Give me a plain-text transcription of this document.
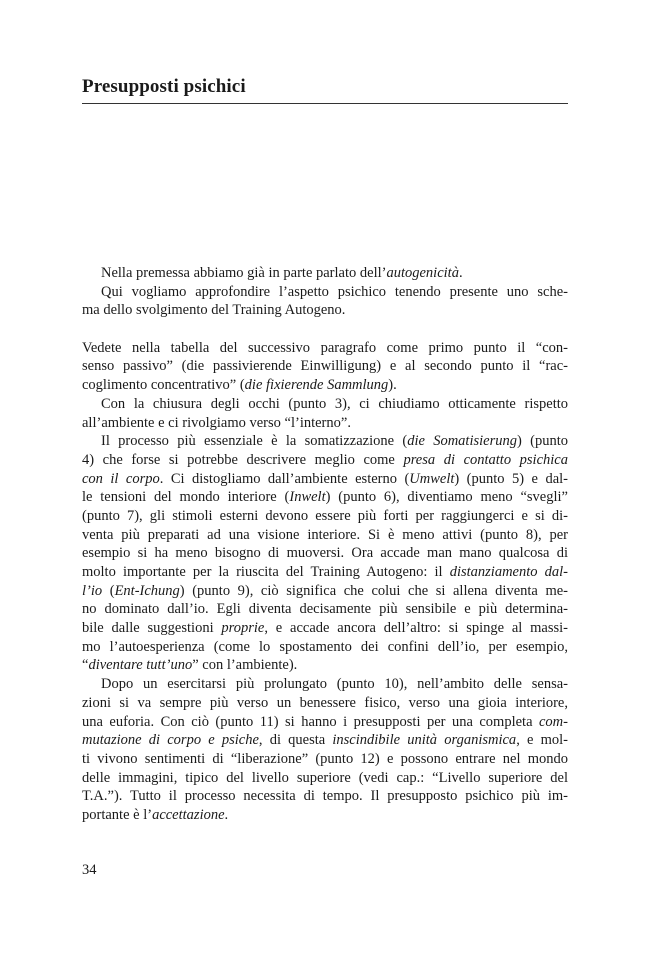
Presupposti psichici
Nella premessa abbiamo già in parte parlato dell’autogenicità.
Qui vogliamo approfondire l’aspetto psichico tenendo presente uno sche-
ma dello svolgimento del Training Autogeno.
Vedete nella tabella del successivo paragrafo come primo punto il “con-
senso passivo” (die passivierende Einwilligung) e al secondo punto il “rac-
coglimento concentrativo” (die fixierende Sammlung).
Con la chiusura degli occhi (punto 3), ci chiudiamo otticamente rispetto
all’ambiente e ci rivolgiamo verso “l’interno”.
Il processo più essenziale è la somatizzazione (die Somatisierung) (punto
4) che forse si potrebbe descrivere meglio come presa di contatto psichica
con il corpo. Ci distogliamo dall’ambiente esterno (Umwelt) (punto 5) e dal-
le tensioni del mondo interiore (Inwelt) (punto 6), diventiamo meno “svegli”
(punto 7), gli stimoli esterni devono essere più forti per raggiungerci e si di-
venta più preparati ad una visione interiore. Si è meno attivi (punto 8), per
esempio si ha meno bisogno di muoversi. Ora accade man mano qualcosa di
molto importante per la riuscita del Training Autogeno: il distanziamento dal-
l’io (Ent-Ichung) (punto 9), ciò significa che colui che si allena diventa me-
no dominato dall’io. Egli diventa decisamente più sensibile e più determina-
bile dalle suggestioni proprie, e accade ancora dell’altro: si spinge al massi-
mo l’autoesperienza (come lo spostamento dei confini dell’io, per esempio,
“diventare tutt’uno” con l’ambiente).
Dopo un esercitarsi più prolungato (punto 10), nell’ambito delle sensa-
zioni si va sempre più verso un benessere fisico, verso una gioia interiore,
una euforia. Con ciò (punto 11) si hanno i presupposti per una completa com-
mutazione di corpo e psiche, di questa inscindibile unità organismica, e mol-
ti vivono sentimenti di “liberazione” (punto 12) e possono entrare nel mondo
delle immagini, tipico del livello superiore (vedi cap.: “Livello superiore del
T.A.”). Tutto il processo necessita di tempo. Il presupposto psichico più im-
portante è l’accettazione.
34
